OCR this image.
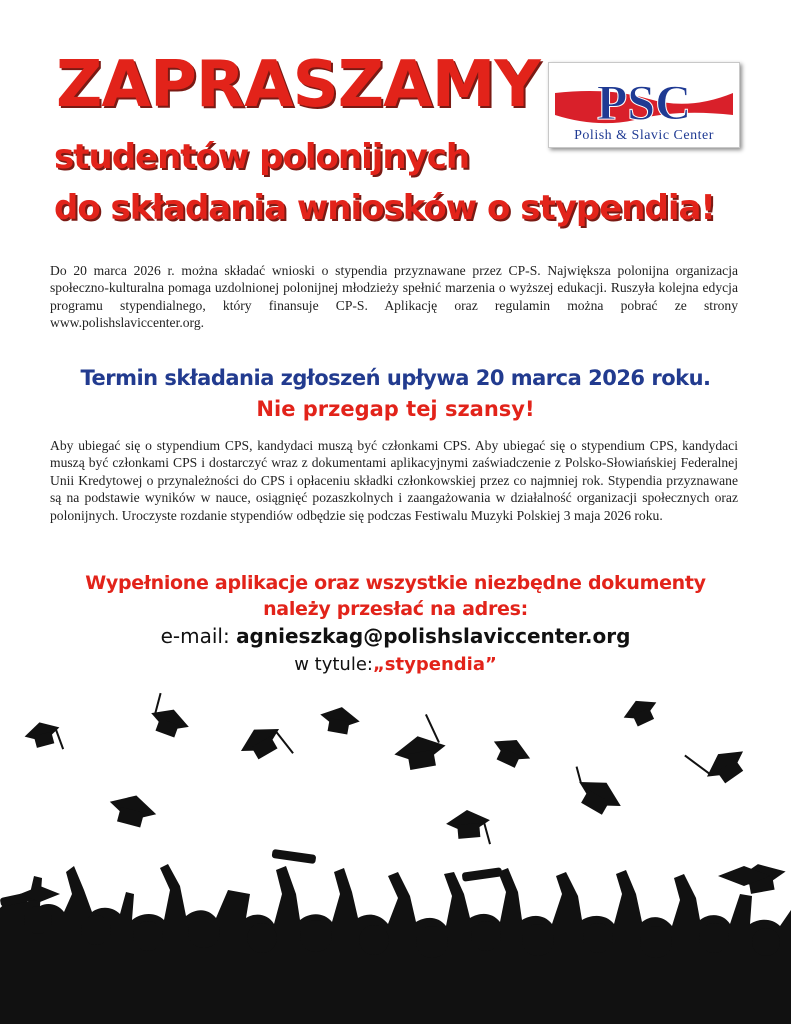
ZAPRASZAMY
studentów polonijnych
do składania wniosków o stypendia!
PSC
Polish & Slavic Center

Do 20 marca 2026 r. można składać wnioski o stypendia przyznawane przez CP-S. Największa polonijna organizacja społeczno-kulturalna pomaga uzdolnionej polonijnej młodzieży spełnić marzenia o wyższej edukacji. Ruszyła kolejna edycja programu stypendialnego, który finansuje CP-S. Aplikację oraz regulamin można pobrać ze strony www.polishslaviccenter.org.

Termin składania zgłoszeń upływa 20 marca 2026 roku.
Nie przegap tej szansy!

Aby ubiegać się o stypendium CPS, kandydaci muszą być członkami CPS. Aby ubiegać się o stypendium CPS, kandydaci muszą być członkami CPS i dostarczyć wraz z dokumentami aplikacyjnymi zaświadczenie z Polsko-Słowiańskiej Federalnej Unii Kredytowej o przynależności do CPS i opłaceniu składki członkowskiej przez co najmniej rok. Stypendia przyznawane są na podstawie wyników w nauce, osiągnięć pozaszkolnych i zaangażowania w działalność organizacji społecznych oraz polonijnych. Uroczyste rozdanie stypendiów odbędzie się podczas Festiwalu Muzyki Polskiej 3 maja 2026 roku.

Wypełnione aplikacje oraz wszystkie niezbędne dokumenty
należy przesłać na adres:
e-mail: agnieszkag@polishslaviccenter.org
w tytule:„stypendia”
